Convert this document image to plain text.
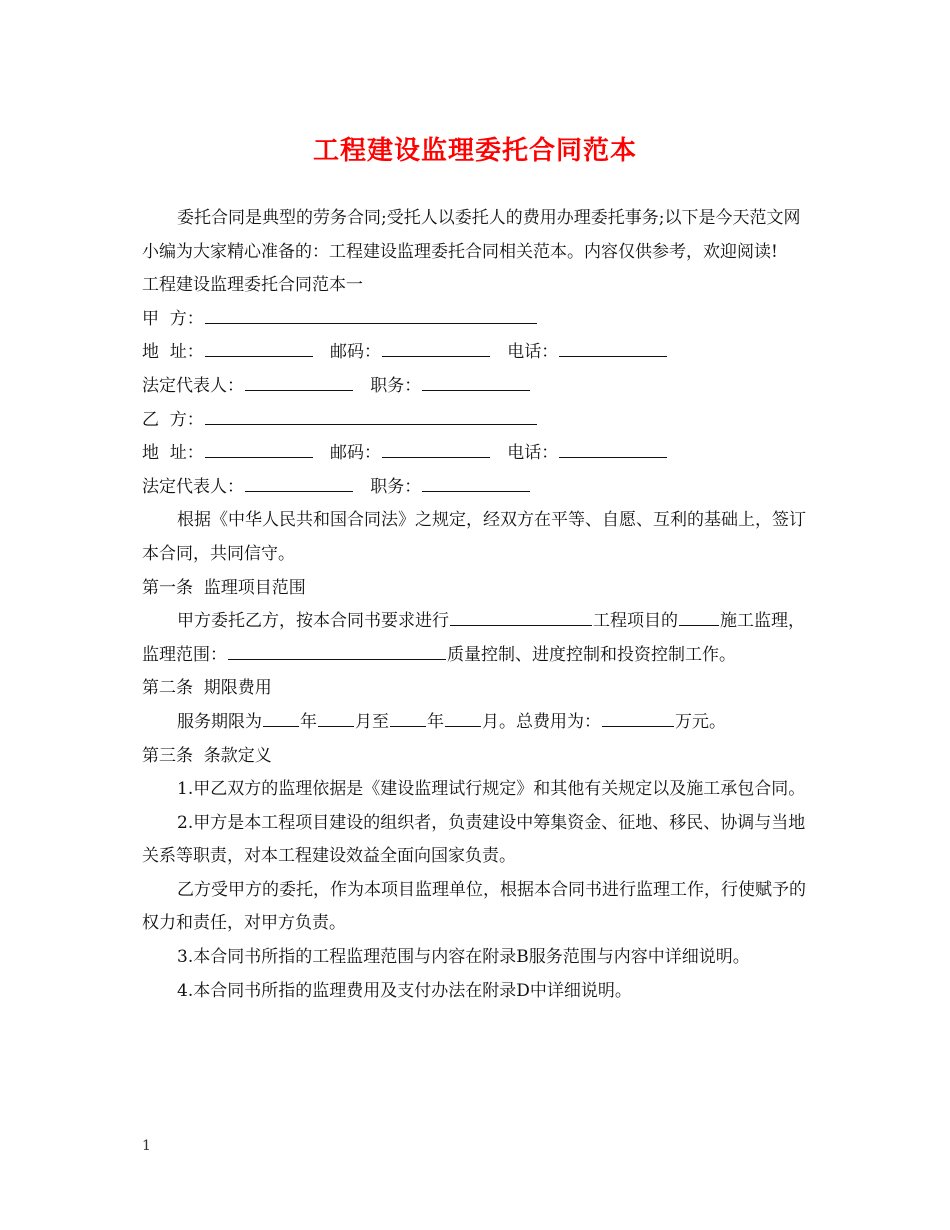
工程建设监理委托合同范本

委托合同是典型的劳务合同;受托人以委托人的费用办理委托事务;以下是今天范文网小编为大家精心准备的：工程建设监理委托合同相关范本。内容仅供参考，欢迎阅读!

工程建设监理委托合同范本一

甲  方：

地  址：	邮码：	电话：

法定代表人：	职务：

乙  方：

地  址：	邮码：	电话：

法定代表人：	职务：

根据《中华人民共和国合同法》之规定，经双方在平等、自愿、互利的基础上，签订本合同，共同信守。

第一条  监理项目范围

甲方委托乙方，按本合同书要求进行	工程项目的 施工监理，监理范围：	质量控制、进度控制和投资控制工作。

第二条  期限费用

服务期限为 年 月至 年 月。总费用为：	万元。

第三条  条款定义

1.甲乙双方的监理依据是《建设监理试行规定》和其他有关规定以及施工承包合同。

2.甲方是本工程项目建设的组织者，负责建设中筹集资金、征地、移民、协调与当地关系等职责，对本工程建设效益全面向国家负责。

乙方受甲方的委托，作为本项目监理单位，根据本合同书进行监理工作，行使赋予的权力和责任，对甲方负责。

3.本合同书所指的工程监理范围与内容在附录B服务范围与内容中详细说明。

4.本合同书所指的监理费用及支付办法在附录D中详细说明。

1
